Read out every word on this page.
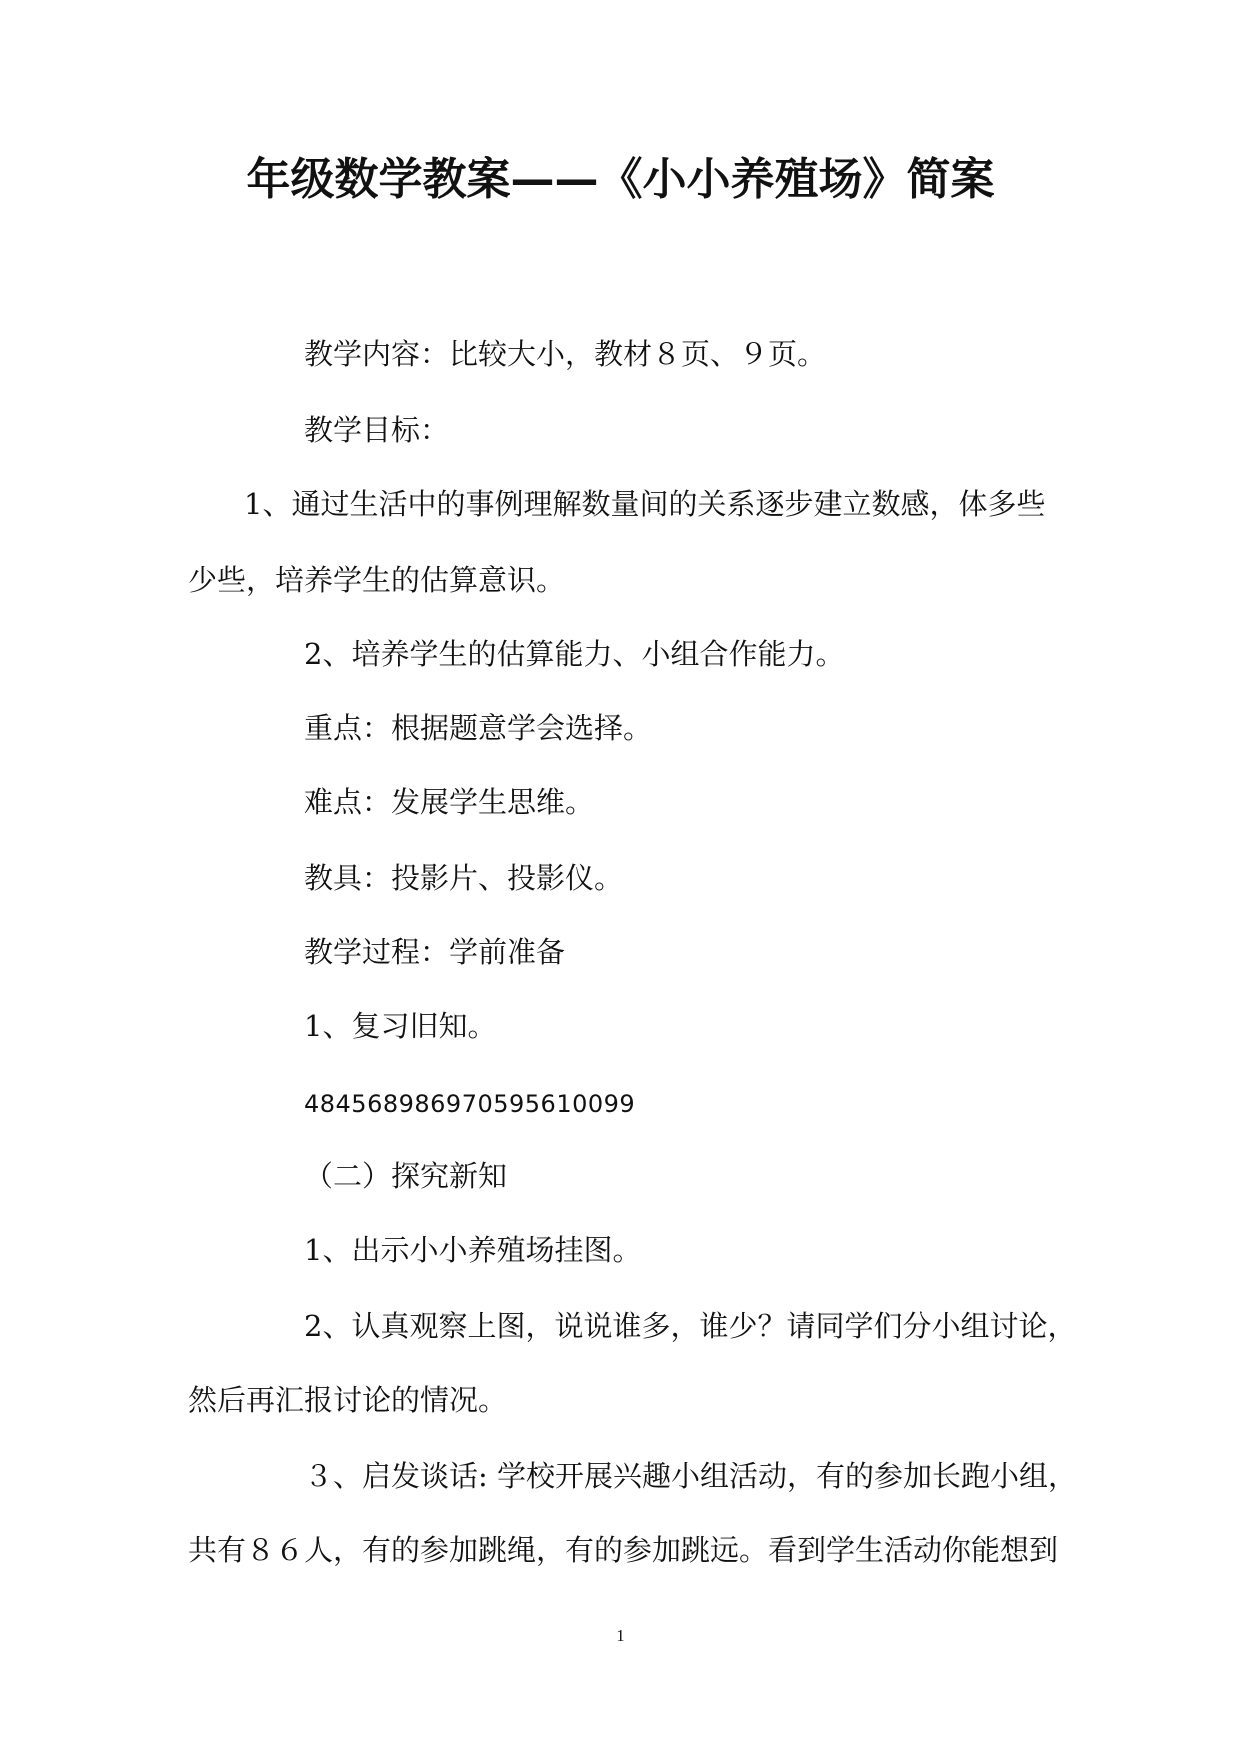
年级数学教案——《小小养殖场》简案
教学内容：比较大小，教材８页、９页。
教学目标：
1、通过生活中的事例理解数量间的关系逐步建立数感，体多些
少些，培养学生的估算意识。
2、培养学生的估算能力、小组合作能力。
重点：根据题意学会选择。
难点：发展学生思维。
教具：投影片、投影仪。
教学过程：学前准备
1、复习旧知。
484568986970595610099
（二）探究新知
1、出示小小养殖场挂图。
2、认真观察上图，说说谁多，谁少？请同学们分小组讨论，
然后再汇报讨论的情况。
３、启发谈话: 学校开展兴趣小组活动，有的参加长跑小组，
共有８６人，有的参加跳绳，有的参加跳远。看到学生活动你能想到
1
